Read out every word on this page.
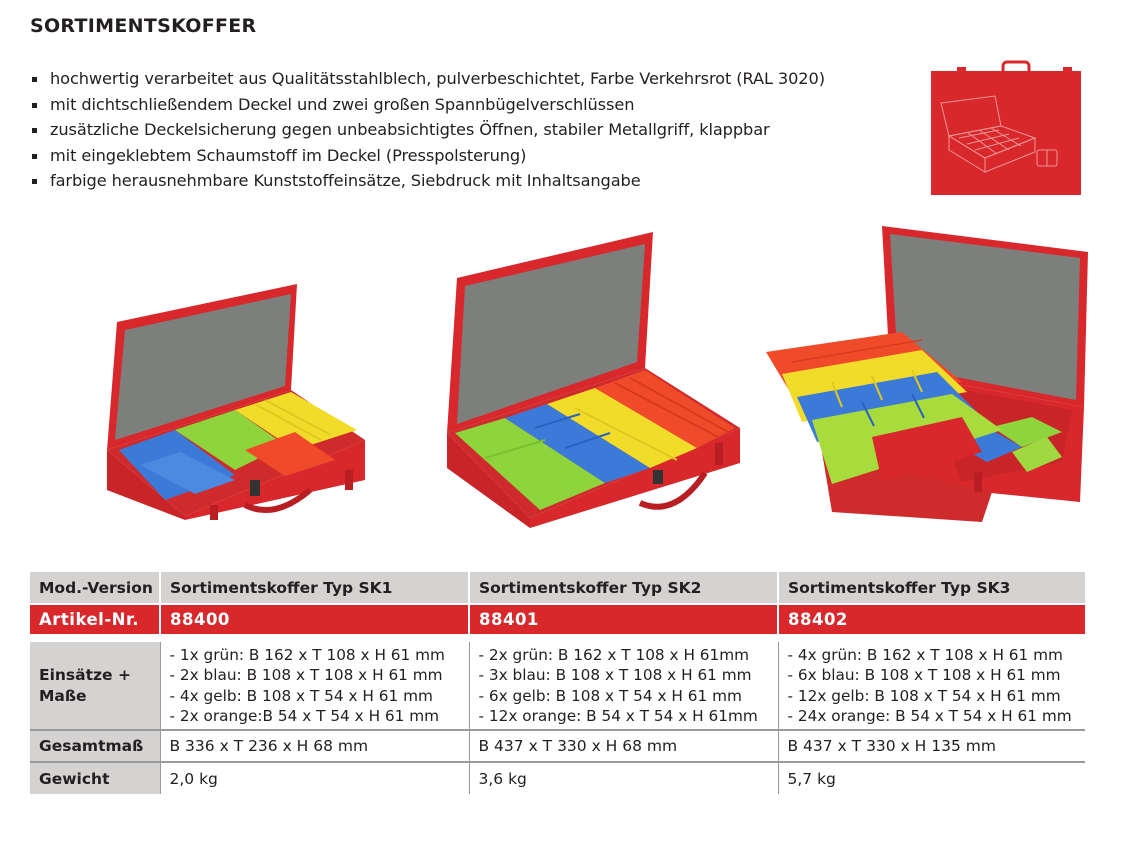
SORTIMENTSKOFFER
hochwertig verarbeitet aus Qualitätsstahlblech, pulverbeschichtet, Farbe Verkehrsrot (RAL 3020)
mit dichtschließendem Deckel und zwei großen Spannbügelverschlüssen
zusätzliche Deckelsicherung gegen unbeabsichtigtes Öffnen, stabiler Metallgriff, klappbar
mit eingeklebtem Schaumstoff im Deckel (Presspolsterung)
farbige herausnehmbare Kunststoffeinsätze, Siebdruck mit Inhaltsangabe
Mod.-Version	Sortimentskoffer Typ SK1	Sortimentskoffer Typ SK2	Sortimentskoffer Typ SK3
Artikel-Nr.	88400	88401	88402

Einsätze +
Maße	- 1x grün: B 162 x T 108 x H 61 mm
- 2x blau: B 108 x T 108 x H 61 mm
- 4x gelb: B 108 x T 54 x H 61 mm
- 2x orange:B 54 x T 54 x H 61 mm	- 2x grün: B 162 x T 108 x H 61mm
- 3x blau: B 108 x T 108 x H 61 mm
- 6x gelb: B 108 x T 54 x H 61 mm
- 12x orange: B 54 x T 54 x H 61mm	- 4x grün: B 162 x T 108 x H 61 mm
- 6x blau: B 108 x T 108 x H 61 mm
- 12x gelb: B 108 x T 54 x H 61 mm
- 24x orange: B 54 x T 54 x H 61 mm

Gesamtmaß	B 336 x T 236 x H 68 mm	B 437 x T 330 x H 68 mm	B 437 x T 330 x H 135 mm
Gewicht	2,0 kg	3,6 kg	5,7 kg
